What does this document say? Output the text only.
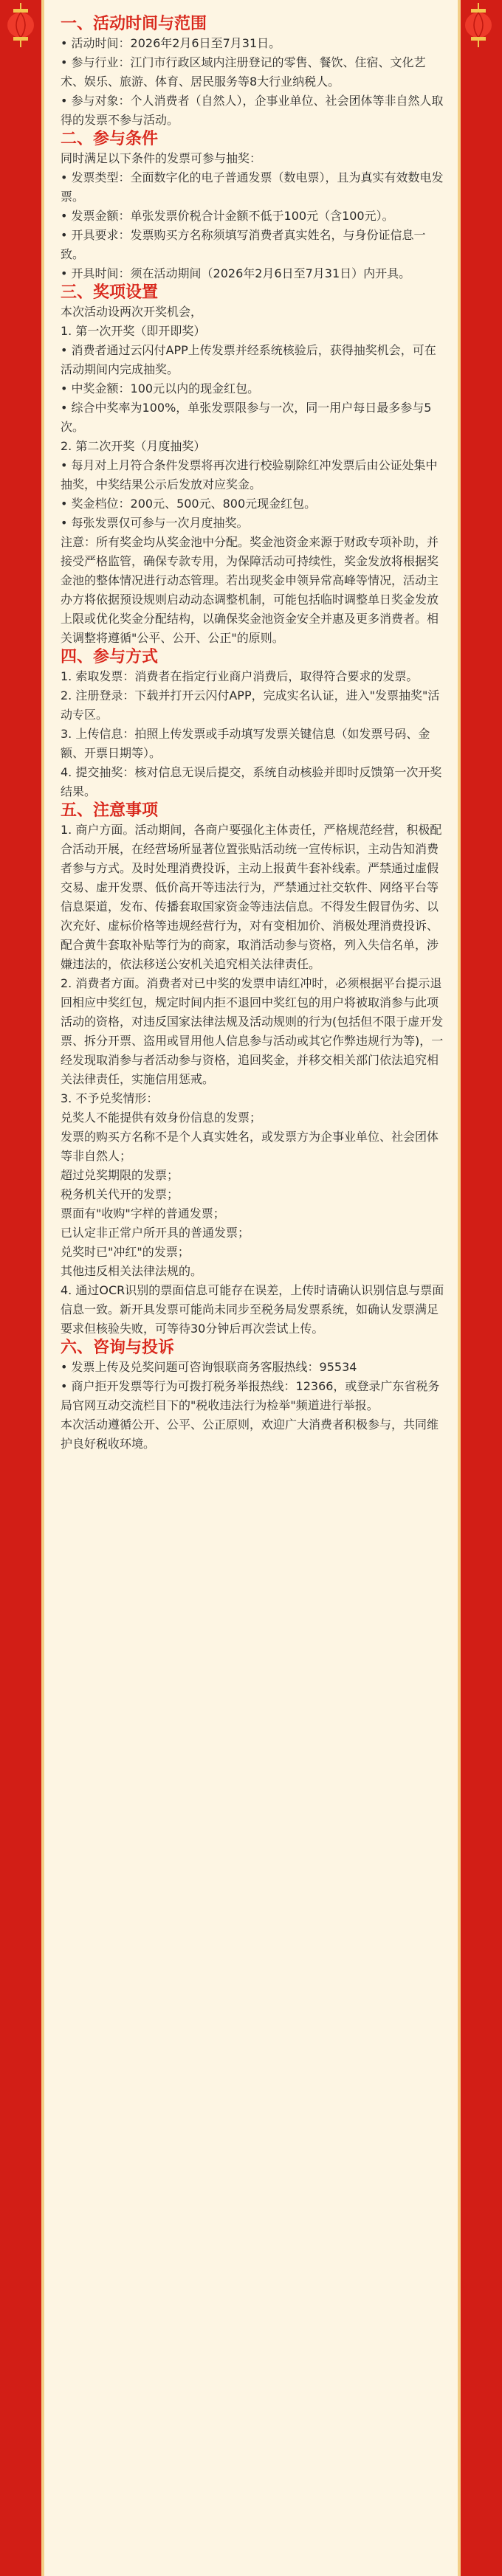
一、活动时间与范围

• 活动时间：2026年2月6日至7月31日。

• 参与行业：江门市行政区域内注册登记的零售、餐饮、住宿、文化艺术、娱乐、旅游、体育、居民服务等8大行业纳税人。

• 参与对象：个人消费者（自然人），企事业单位、社会团体等非自然人取得的发票不参与活动。

二、参与条件

同时满足以下条件的发票可参与抽奖：

• 发票类型：全面数字化的电子普通发票（数电票），且为真实有效数电发票。

• 发票金额：单张发票价税合计金额不低于100元（含100元）。

• 开具要求：发票购买方名称须填写消费者真实姓名，与身份证信息一致。

• 开具时间：须在活动期间（2026年2月6日至7月31日）内开具。

三、奖项设置

本次活动设两次开奖机会，

1. 第一次开奖（即开即奖）

• 消费者通过云闪付APP上传发票并经系统核验后，获得抽奖机会，可在活动期间内完成抽奖。

• 中奖金额：100元以内的现金红包。

• 综合中奖率为100%，单张发票限参与一次，同一用户每日最多参与5次。

2. 第二次开奖（月度抽奖）

• 每月对上月符合条件发票将再次进行校验剔除红冲发票后由公证处集中抽奖，中奖结果公示后发放对应奖金。

• 奖金档位：200元、500元、800元现金红包。

• 每张发票仅可参与一次月度抽奖。

注意：所有奖金均从奖金池中分配。奖金池资金来源于财政专项补助，并接受严格监管，确保专款专用，为保障活动可持续性，奖金发放将根据奖金池的整体情况进行动态管理。若出现奖金申领异常高峰等情况，活动主办方将依据预设规则启动动态调整机制，可能包括临时调整单日奖金发放上限或优化奖金分配结构，以确保奖金池资金安全并惠及更多消费者。相关调整将遵循"公平、公开、公正"的原则。

四、参与方式

1. 索取发票：消费者在指定行业商户消费后，取得符合要求的发票。

2. 注册登录：下载并打开云闪付APP，完成实名认证，进入"发票抽奖"活动专区。

3. 上传信息：拍照上传发票或手动填写发票关键信息（如发票号码、金额、开票日期等）。

4. 提交抽奖：核对信息无误后提交，系统自动核验并即时反馈第一次开奖结果。

五、注意事项

1. 商户方面。活动期间，各商户要强化主体责任，严格规范经营，积极配合活动开展，在经营场所显著位置张贴活动统一宣传标识，主动告知消费者参与方式。及时处理消费投诉，主动上报黄牛套补线索。严禁通过虚假交易、虚开发票、低价高开等违法行为，严禁通过社交软件、网络平台等信息渠道，发布、传播套取国家资金等违法信息。不得发生假冒伪劣、以次充好、虚标价格等违规经营行为，对有变相加价、消极处理消费投诉、配合黄牛套取补贴等行为的商家，取消活动参与资格，列入失信名单，涉嫌违法的，依法移送公安机关追究相关法律责任。

2. 消费者方面。消费者对已中奖的发票申请红冲时，必须根据平台提示退回相应中奖红包，规定时间内拒不退回中奖红包的用户将被取消参与此项活动的资格，对违反国家法律法规及活动规则的行为(包括但不限于虚开发票、拆分开票、盗用或冒用他人信息参与活动或其它作弊违规行为等)，一经发现取消参与者活动参与资格，追回奖金，并移交相关部门依法追究相关法律责任，实施信用惩戒。

3. 不予兑奖情形：

兑奖人不能提供有效身份信息的发票；

发票的购买方名称不是个人真实姓名，或发票方为企事业单位、社会团体等非自然人；

超过兑奖期限的发票；

税务机关代开的发票；

票面有"收购"字样的普通发票；

已认定非正常户所开具的普通发票；

兑奖时已"冲红"的发票；

其他违反相关法律法规的。

4. 通过OCR识别的票面信息可能存在误差，上传时请确认识别信息与票面信息一致。新开具发票可能尚未同步至税务局发票系统，如确认发票满足要求但核验失败，可等待30分钟后再次尝试上传。

六、咨询与投诉

• 发票上传及兑奖问题可咨询银联商务客服热线：95534

• 商户拒开发票等行为可拨打税务举报热线：12366，或登录广东省税务局官网互动交流栏目下的"税收违法行为检举"频道进行举报。

本次活动遵循公开、公平、公正原则，欢迎广大消费者积极参与，共同维护良好税收环境。
